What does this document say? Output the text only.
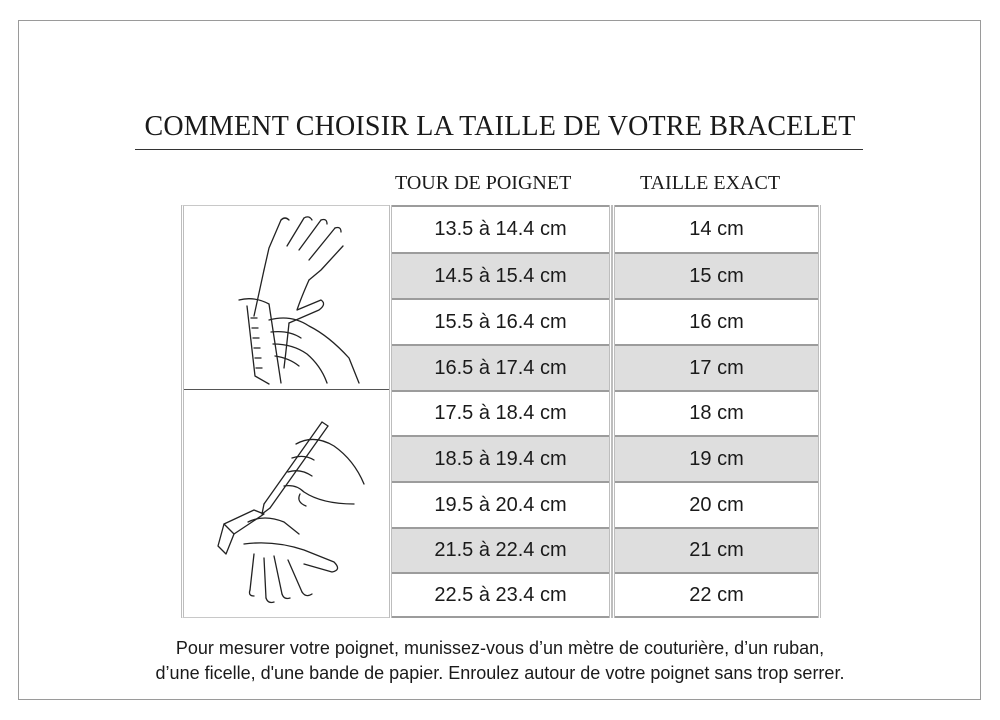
COMMENT CHOISIR LA TAILLE DE VOTRE BRACELET
TOUR DE POIGNET	TAILLE EXACT
13.5 à 14.4 cm
14.5 à 15.4 cm
15.5 à 16.4 cm
16.5 à 17.4 cm
17.5 à 18.4 cm
18.5 à 19.4 cm
19.5 à 20.4 cm
21.5 à 22.4 cm
22.5 à 23.4 cm
14 cm
15 cm
16 cm
17 cm
18 cm
19 cm
20 cm
21 cm
22 cm
Pour mesurer votre poignet, munissez-vous d’un mètre de couturière, d’un ruban,
d’une ficelle, d'une bande de papier. Enroulez autour de votre poignet sans trop serrer.
